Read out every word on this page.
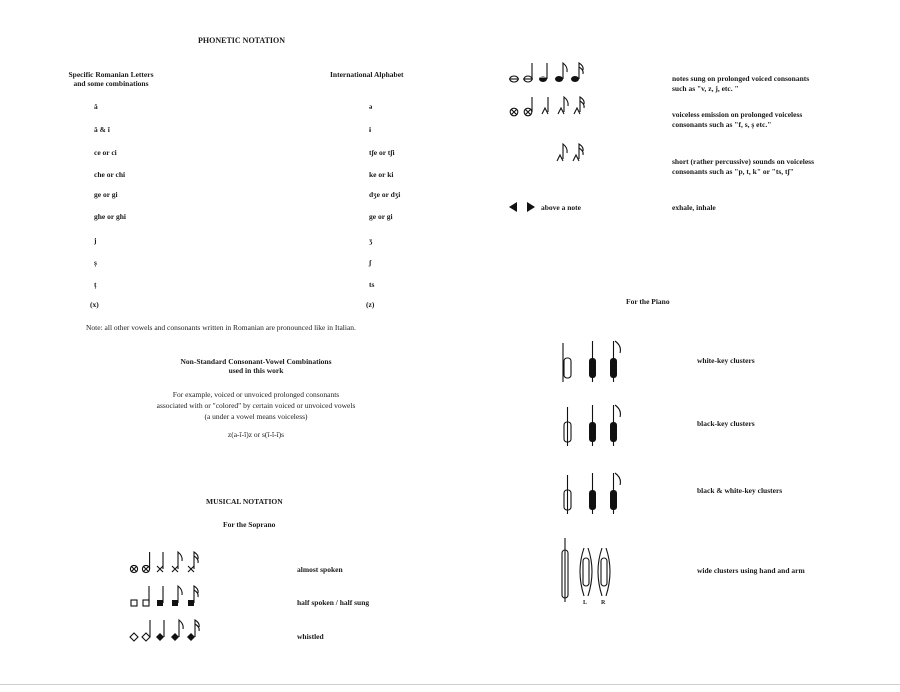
PHONETIC NOTATION
Specific Romanian Letters
and some combinations
International Alphabet
ă	ə
â & î	ɨ
ce or ci	tʃe or tʃi
che or chi	ke or ki
ge or gi	dʒe or dʒi
ghe or ghi	ge or gi
j	ʒ
ș	ʃ
ț	ts
(x)	(z)
Note: all other vowels and consonants written in Romanian are pronounced like in Italian.
Non-Standard Consonant-Vowel Combinations
used in this work
For example, voiced or unvoiced prolonged consonants
associated with or "colored" by certain voiced or unvoiced vowels
(a under a vowel means voiceless)
z(a-ĭ-ĭ)z or s(ĭ-ĭ-ĭ)s
MUSICAL NOTATION
For the Soprano
almost spoken
half spoken / half sung
whistled
notes sung on prolonged voiced consonants
such as "v, z, j, etc. "
voiceless emission on prolonged voiceless
consonants such as "f, s, ș etc."
short (rather percussive) sounds on voiceless
consonants such as "p, t, k" or "ts, tʃ"
above a note	exhale, inhale
For the Piano
white-key clusters
black-key clusters
black & white-key clusters
L R
wide clusters using hand and arm
